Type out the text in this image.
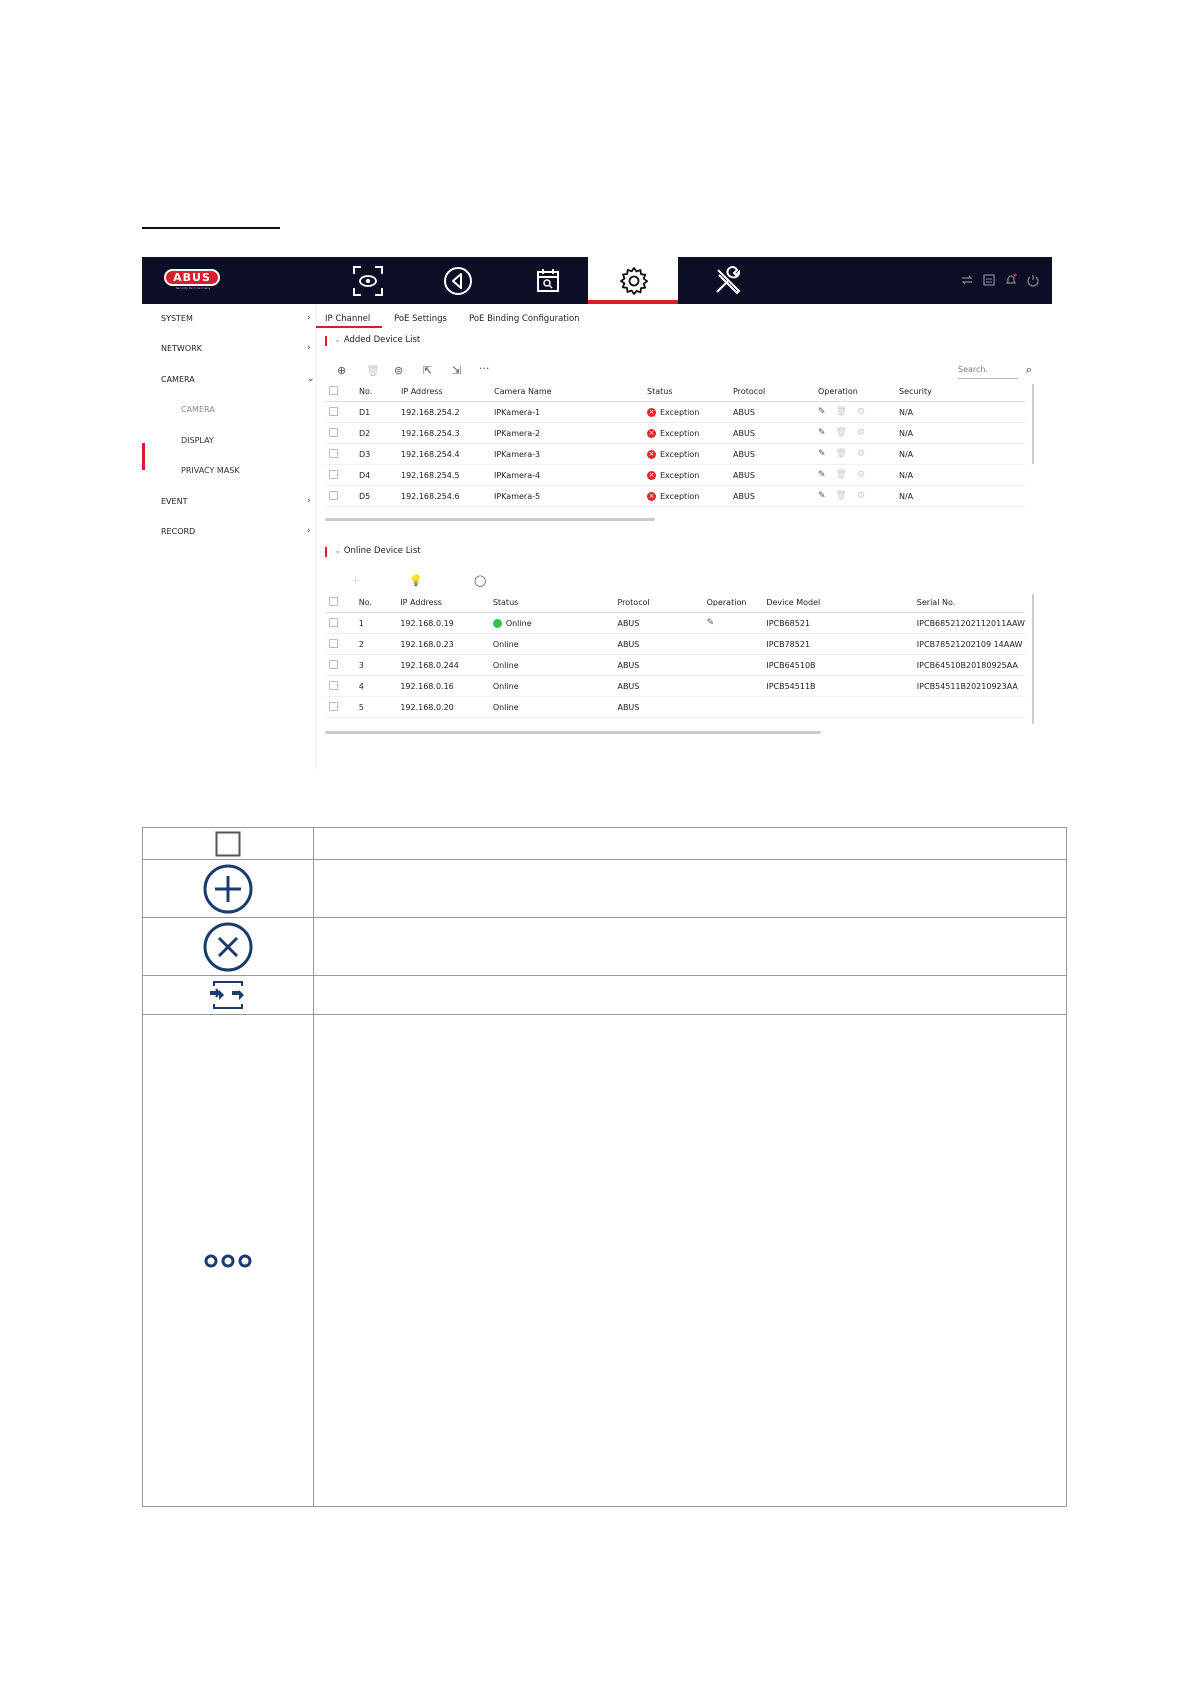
ABUS
Security Tech Germany
SYSTEM	›
NETWORK	›
CAMERA	⌄
CAMERA
DISPLAY
PRIVACY MASK
EVENT	›
RECORD	›
IP Channel	PoE Settings	PoE Binding Configuration
⌄ Added Device List
⊕ 🗑 ⊜ ⇱ ⇲ ···	Search.	⌕
	No.	IP Address	Camera Name	Status	Protocol	Operation	Security
	D1	192.168.254.2	IPKamera-1	× Exception	ABUS	✎ 🗑 ⚙	N/A
	D2	192.168.254.3	IPKamera-2	× Exception	ABUS	✎ 🗑 ⚙	N/A
	D3	192.168.254.4	IPKamera-3	× Exception	ABUS	✎ 🗑 ⚙	N/A
	D4	192.168.254.5	IPKamera-4	× Exception	ABUS	✎ 🗑 ⚙	N/A
	D5	192.168.254.6	IPKamera-5	× Exception	ABUS	✎ 🗑 ⚙	N/A
⌄ Online Device List
+	💡	◯
	No.	IP Address	Status	Protocol	Operation	Device Model	Serial No.
	1	192.168.0.19	Online	ABUS	✎	IPCB68521	IPCB68521202112011AAW
	2	192.168.0.23	Online	ABUS		IPCB78521	IPCB78521202109 14AAW
	3	192.168.0.244	Online	ABUS		IPCB64510B	IPCB64510B20180925AA
	4	192.168.0.16	Online	ABUS		IPCB54511B	IPCB54511B20210923AA
	5	192.168.0.20	Online	ABUS			
